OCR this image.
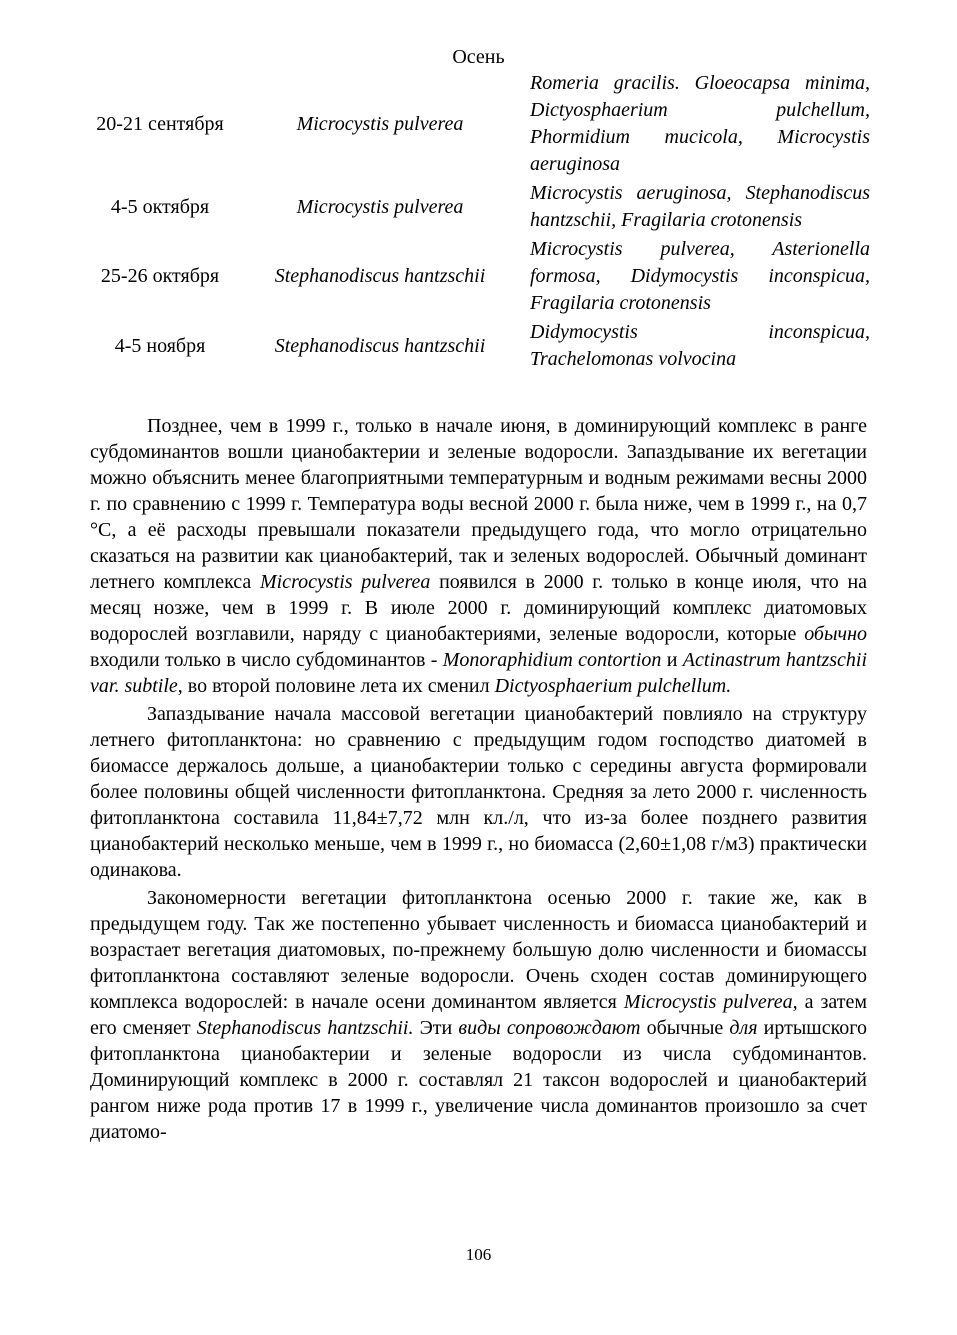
Осень
20-21 сентября	Microcystis pulverea	Romeria gracilis. Gloeocapsa minima, Dictyosphaerium pulchellum, Phormidium mucicola, Microcystis aeruginosa
4-5 октября	Microcystis pulverea	Microcystis aeruginosa, Stephanodiscus hantzschii, Fragilaria crotonensis
25-26 октября	Stephanodiscus hantzschii	Microcystis pulverea, Asterionella formosa, Didymocystis inconspicua, Fragilaria crotonensis
4-5 ноября	Stephanodiscus hantzschii	Didymocystis inconspicua, Trachelomonas volvocina

Позднее, чем в 1999 г., только в начале июня, в доминирующий комплекс в ранге субдоминантов вошли цианобактерии и зеленые водоросли. Запаздывание их вегетации можно объяснить менее благоприятными температурным и водным режимами весны 2000 г. по сравнению с 1999 г. Температура воды весной 2000 г. была ниже, чем в 1999 г., на 0,7 °С, а её расходы превышали показатели предыдущего года, что могло отрицательно сказаться на развитии как цианобактерий, так и зеленых водорослей. Обычный доминант летнего комплекса Microcystis pulverea появился в 2000 г. только в конце июля, что на месяц нозже, чем в 1999 г. В июле 2000 г. доминирующий комплекс диатомовых водорослей возглавили, наряду с цианобактериями, зеленые водоросли, которые обычно входили только в число субдоминантов - Monoraphidium contortion и Actinastrum hantzschii var. subtile, во второй половине лета их сменил Dictyosphaerium pulchellum.

Запаздывание начала массовой вегетации цианобактерий повлияло на структуру летнего фитопланктона: но сравнению с предыдущим годом господство диатомей в биомассе держалось дольше, а цианобактерии только с середины августа формировали более половины общей численности фитопланктона. Средняя за лето 2000 г. численность фитопланктона составила 11,84±7,72 млн кл./л, что из-за более позднего развития цианобактерий несколько меньше, чем в 1999 г., но биомасса (2,60±1,08 г/м3) практически одинакова.

Закономерности вегетации фитопланктона осенью 2000 г. такие же, как в предыдущем году. Так же постепенно убывает численность и биомасса цианобактерий и возрастает вегетация диатомовых, по-прежнему большую долю численности и биомассы фитопланктона составляют зеленые водоросли. Очень сходен состав доминирующего комплекса водорослей: в начале осени доминантом является Microcystis pulverea, а затем его сменяет Stephanodiscus hantzschii. Эти виды сопровождают обычные для иртышского фитопланктона цианобактерии и зеленые водоросли из числа субдоминантов. Доминирующий комплекс в 2000 г. составлял 21 таксон водорослей и цианобактерий рангом ниже рода против 17 в 1999 г., увеличение числа доминантов произошло за счет диатомо-

106
